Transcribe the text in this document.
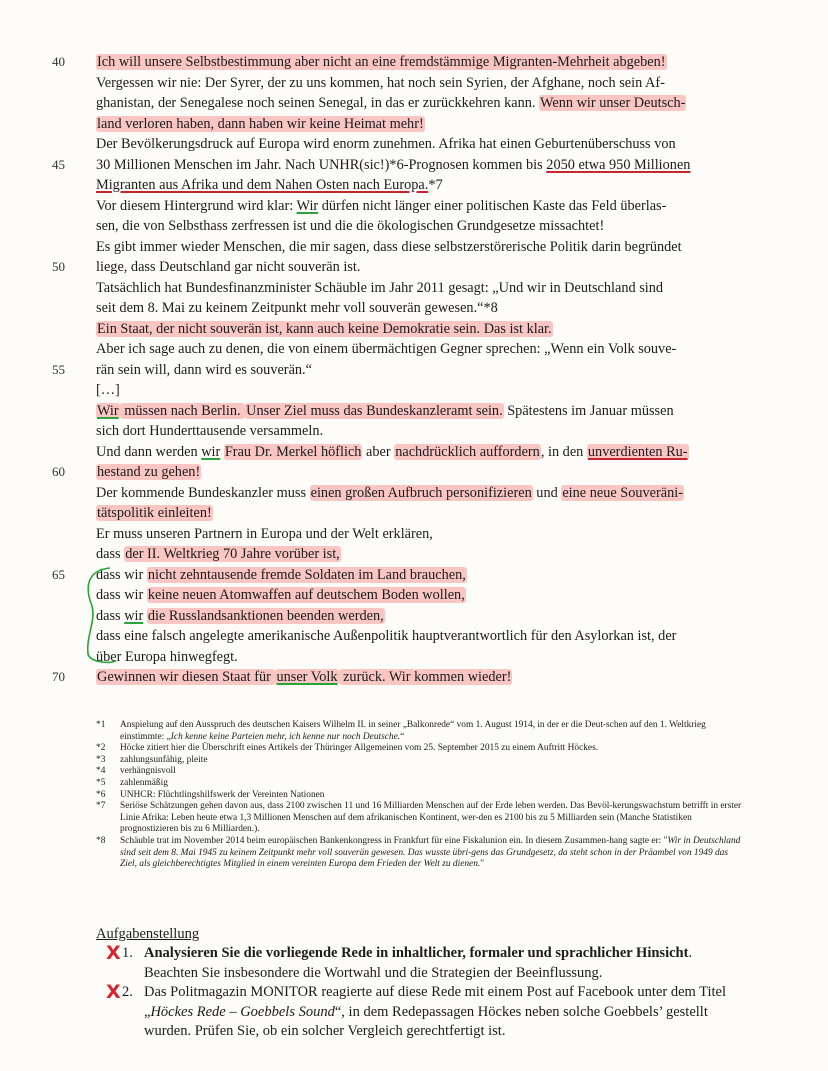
40 Ich will unsere Selbstbestimmung aber nicht an eine fremdstämmige Migranten-Mehrheit abgeben!
Vergessen wir nie: Der Syrer, der zu uns kommen, hat noch sein Syrien, der Afghane, noch sein Af-
ghanistan, der Senegalese noch seinen Senegal, in das er zurückkehren kann. Wenn wir unser Deutsch-
land verloren haben, dann haben wir keine Heimat mehr!
Der Bevölkerungsdruck auf Europa wird enorm zunehmen. Afrika hat einen Geburtenüberschuss von
45 30 Millionen Menschen im Jahr. Nach UNHR(sic!)*6-Prognosen kommen bis 2050 etwa 950 Millionen
Migranten aus Afrika und dem Nahen Osten nach Europa.*7
Vor diesem Hintergrund wird klar: Wir dürfen nicht länger einer politischen Kaste das Feld überlas-
sen, die von Selbsthass zerfressen ist und die die ökologischen Grundgesetze missachtet!
Es gibt immer wieder Menschen, die mir sagen, dass diese selbstzerstörerische Politik darin begründet
50 liege, dass Deutschland gar nicht souverän ist.
Tatsächlich hat Bundesfinanzminister Schäuble im Jahr 2011 gesagt: „Und wir in Deutschland sind
seit dem 8. Mai zu keinem Zeitpunkt mehr voll souverän gewesen.“*8
Ein Staat, der nicht souverän ist, kann auch keine Demokratie sein. Das ist klar.
Aber ich sage auch zu denen, die von einem übermächtigen Gegner sprechen: „Wenn ein Volk souve-
55 rän sein will, dann wird es souverän.“
[…]
Wir müssen nach Berlin. Unser Ziel muss das Bundeskanzleramt sein. Spätestens im Januar müssen
sich dort Hunderttausende versammeln.
Und dann werden wir Frau Dr. Merkel höflich aber nachdrücklich auffordern, in den unverdienten Ru-
60 hestand zu gehen!
Der kommende Bundeskanzler muss einen großen Aufbruch personifizieren und eine neue Souveräni-
tätspolitik einleiten!
Er muss unseren Partnern in Europa und der Welt erklären,
dass der II. Weltkrieg 70 Jahre vorüber ist,
65 dass wir nicht zehntausende fremde Soldaten im Land brauchen,
dass wir keine neuen Atomwaffen auf deutschem Boden wollen,
dass wir die Russlandsanktionen beenden werden,
dass eine falsch angelegte amerikanische Außenpolitik hauptverantwortlich für den Asylorkan ist, der
über Europa hinwegfegt.
70 Gewinnen wir diesen Staat für unser Volk zurück. Wir kommen wieder!

*1 Anspielung auf den Ausspruch des deutschen Kaisers Wilhelm II. in seiner „Balkonrede“ vom 1. August 1914, in der er die Deut-schen auf den 1. Weltkrieg einstimmte: „Ich kenne keine Parteien mehr, ich kenne nur noch Deutsche.“

*2 Höcke zitiert hier die Überschrift eines Artikels der Thüringer Allgemeinen vom 25. September 2015 zu einem Auftritt Höckes.

*3 zahlungsunfähig, pleite

*4 verhängnisvoll

*5 zahlenmäßig

*6 UNHCR: Flüchtlingshilfswerk der Vereinten Nationen

*7 Seriöse Schätzungen gehen davon aus, dass 2100 zwischen 11 und 16 Milliarden Menschen auf der Erde leben werden. Das Bevöl-kerungswachstum betrifft in erster Linie Afrika: Leben heute etwa 1,3 Millionen Menschen auf dem afrikanischen Kontinent, wer-den es 2100 bis zu 5 Milliarden sein (Manche Statistiken prognostizieren bis zu 6 Milliarden.).

*8 Schäuble trat im November 2014 beim europäischen Bankenkongress in Frankfurt für eine Fiskalunion ein. In diesem Zusammen-hang sagte er: "Wir in Deutschland sind seit dem 8. Mai 1945 zu keinem Zeitpunkt mehr voll souverän gewesen. Das wusste übri-gens das Grundgesetz, da steht schon in der Präambel von 1949 das Ziel, als gleichberechtigtes Mitglied in einem vereinten Europa dem Frieden der Welt zu dienen."

Aufgabenstellung
X 1. Analysieren Sie die vorliegende Rede in inhaltlicher, formaler und sprachlicher Hinsicht. Beachten Sie insbesondere die Wortwahl und die Strategien der Beeinflussung.
X 2. Das Politmagazin MONITOR reagierte auf diese Rede mit einem Post auf Facebook unter dem Titel „Höckes Rede – Goebbels Sound“, in dem Redepassagen Höckes neben solche Goebbels’ gestellt wurden. Prüfen Sie, ob ein solcher Vergleich gerechtfertigt ist.
